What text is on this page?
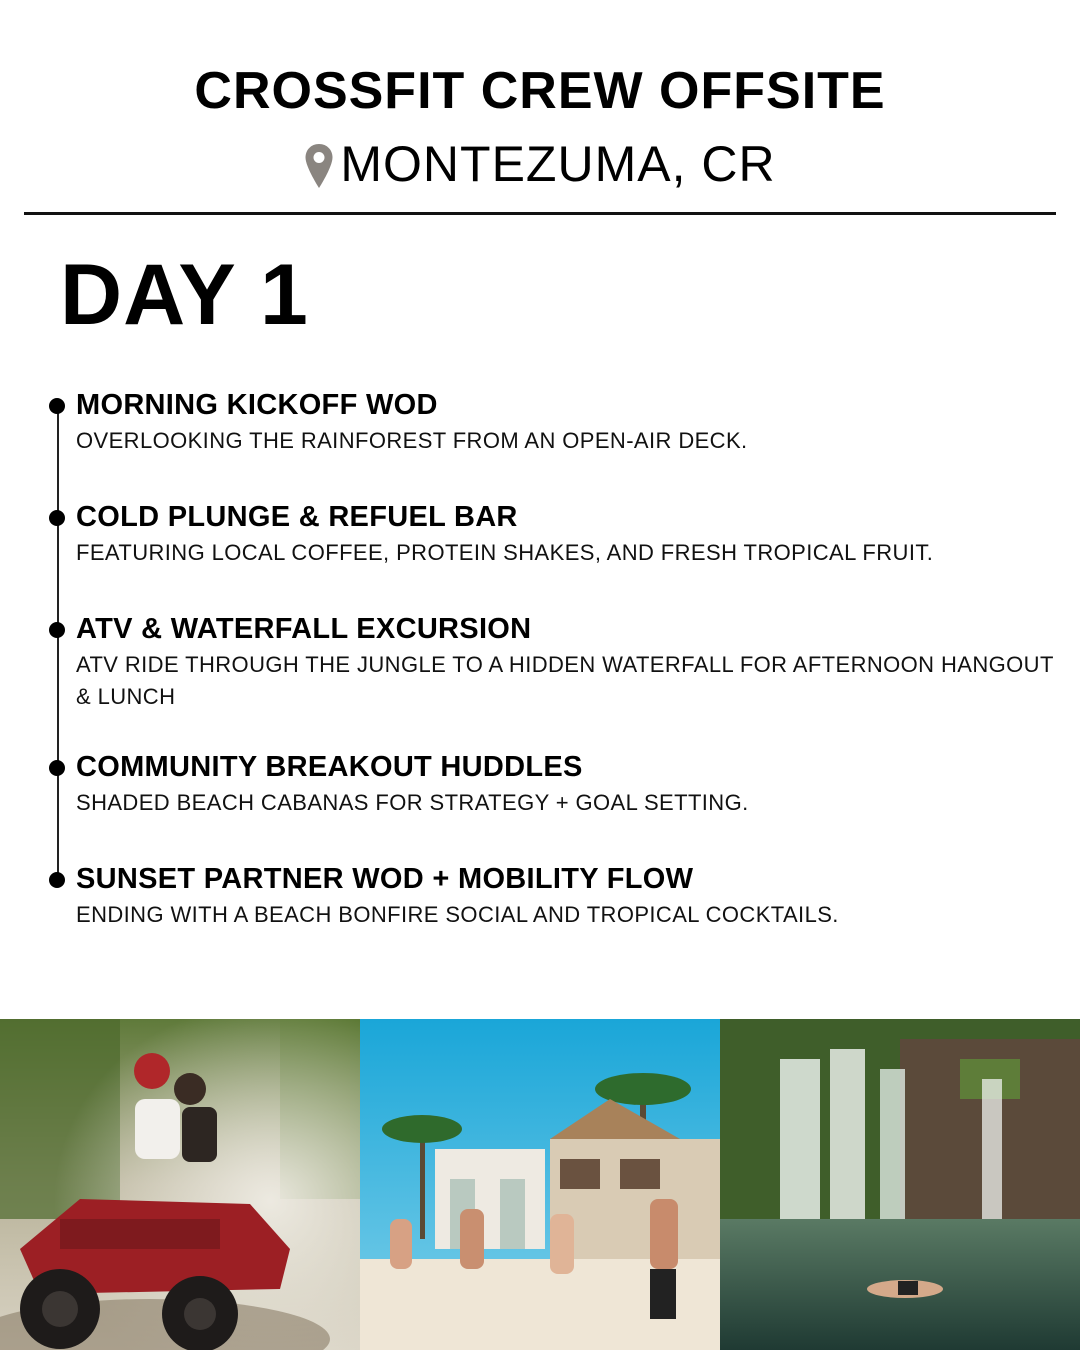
CROSSFIT CREW OFFSITE
MONTEZUMA, CR
DAY 1
MORNING KICKOFF WOD
OVERLOOKING THE RAINFOREST FROM AN OPEN-AIR DECK.
COLD PLUNGE & REFUEL BAR
FEATURING LOCAL COFFEE, PROTEIN SHAKES, AND FRESH TROPICAL FRUIT.
ATV & WATERFALL EXCURSION
ATV RIDE THROUGH THE JUNGLE TO A HIDDEN WATERFALL FOR AFTERNOON HANGOUT & LUNCH
COMMUNITY BREAKOUT HUDDLES
SHADED BEACH CABANAS FOR STRATEGY + GOAL SETTING.
SUNSET PARTNER WOD + MOBILITY FLOW
ENDING WITH A BEACH BONFIRE SOCIAL AND TROPICAL COCKTAILS.
